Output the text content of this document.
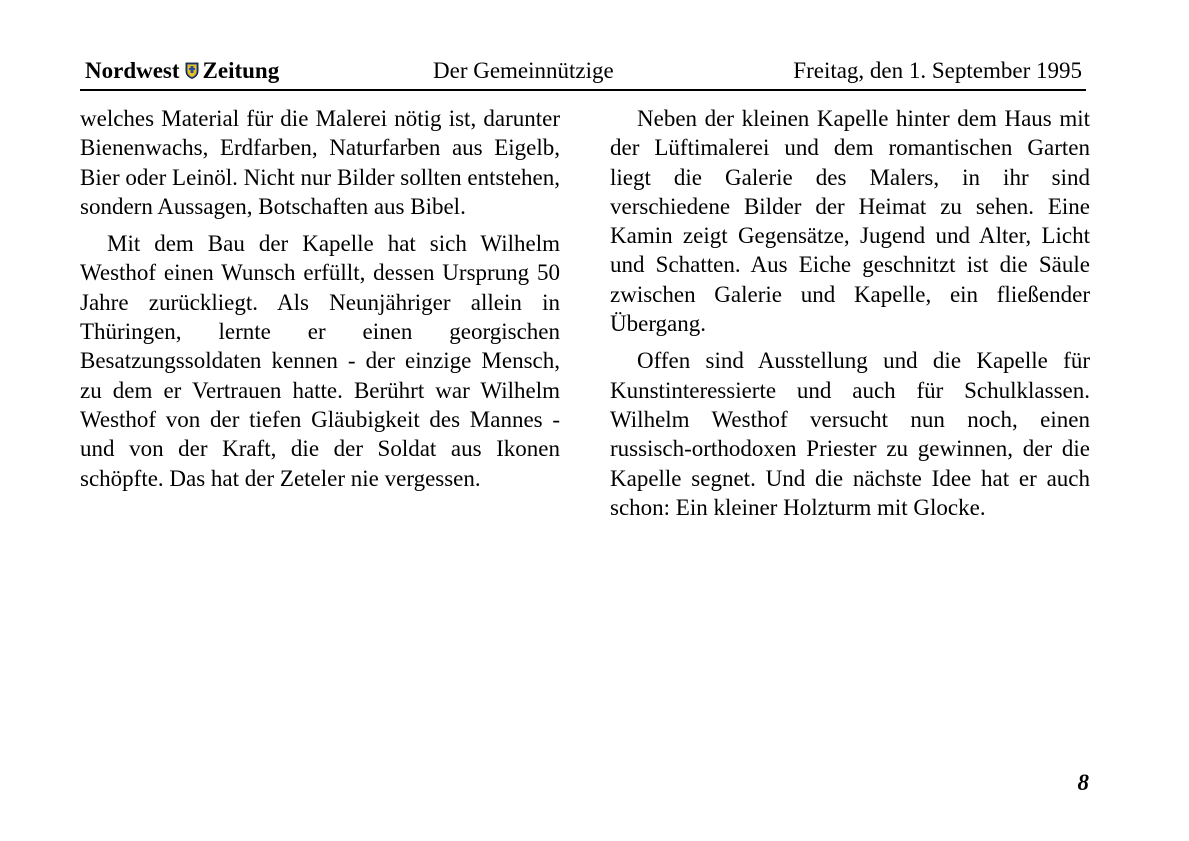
Nordwest Zeitung	Der Gemeinnützige	Freitag, den 1. September 1995

welches Material für die Malerei nötig ist, darunter Bienenwachs, Erdfarben, Naturfarben aus Eigelb, Bier oder Leinöl. Nicht nur Bilder sollten entstehen, sondern Aussagen, Botschaften aus Bibel.

Mit dem Bau der Kapelle hat sich Wilhelm Westhof einen Wunsch erfüllt, dessen Ursprung 50 Jahre zurückliegt. Als Neunjähriger allein in Thüringen, lernte er einen georgischen Besatzungssoldaten kennen - der einzige Mensch, zu dem er Vertrauen hatte. Berührt war Wilhelm Westhof von der tiefen Gläubigkeit des Mannes - und von der Kraft, die der Soldat aus Ikonen schöpfte. Das hat der Zeteler nie vergessen.

Neben der kleinen Kapelle hinter dem Haus mit der Lüftimalerei und dem romantischen Garten liegt die Galerie des Malers, in ihr sind verschiedene Bilder der Heimat zu sehen. Eine Kamin zeigt Gegensätze, Jugend und Alter, Licht und Schatten. Aus Eiche geschnitzt ist die Säule zwischen Galerie und Kapelle, ein fließender Übergang.

Offen sind Ausstellung und die Kapelle für Kunstinteressierte und auch für Schulklassen. Wilhelm Westhof versucht nun noch, einen russisch-orthodoxen Priester zu gewinnen, der die Kapelle segnet. Und die nächste Idee hat er auch schon: Ein kleiner Holzturm mit Glocke.

8
